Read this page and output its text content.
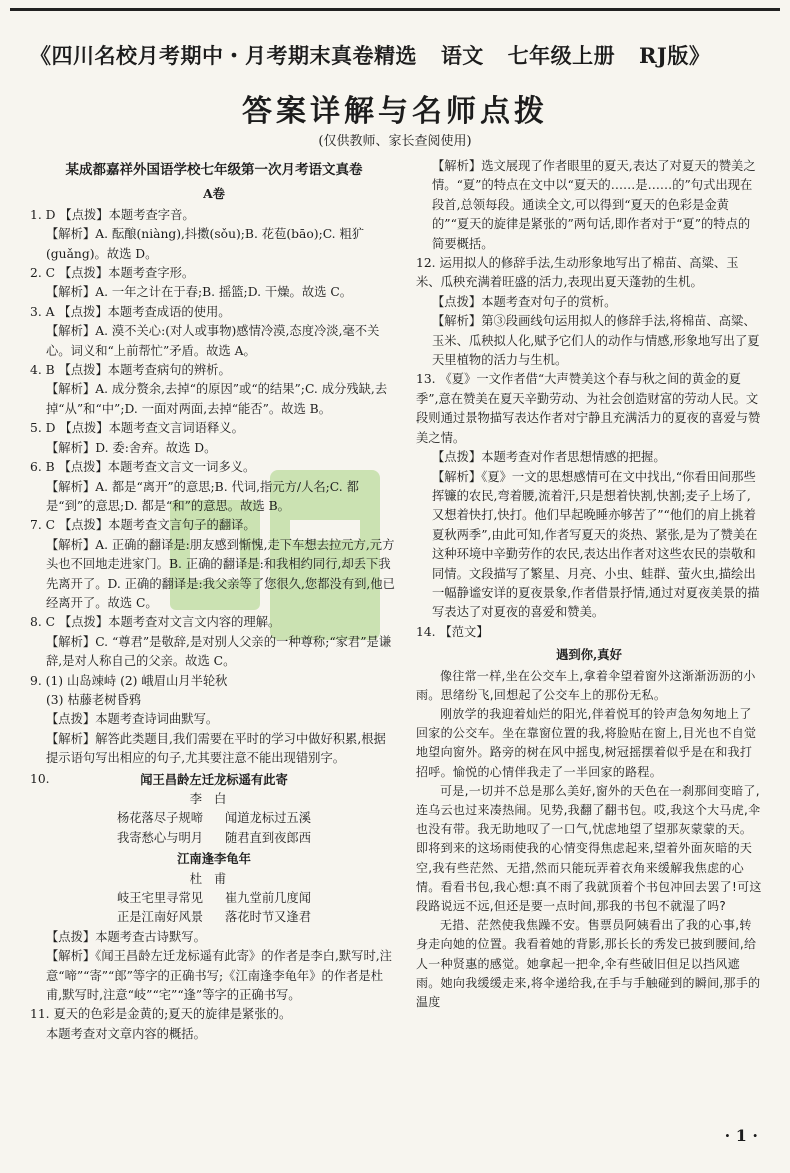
《四川名校月考期中・月考期末真卷精选 语文 七年级上册 RJ版》
答案详解与名师点拨
(仅供教师、家长查阅使用)
某成都嘉祥外国语学校七年级第一次月考语文真卷
A卷
1. D 【点拨】本题考查字音。
【解析】A. 酝酿(niàng),抖擞(sǒu);B. 花苞(bāo);C. 粗犷(guǎng)。故选 D。
2. C 【点拨】本题考查字形。
【解析】A. 一年之计在于春;B. 摇篮;D. 干燥。故选 C。
3. A 【点拨】本题考查成语的使用。
【解析】A. 漠不关心:(对人或事物)感情冷漠,态度冷淡,毫不关心。词义和“上前帮忙”矛盾。故选 A。
4. B 【点拨】本题考查病句的辨析。
【解析】A. 成分赘余,去掉“的原因”或“的结果”;C. 成分残缺,去掉“从”和“中”;D. 一面对两面,去掉“能否”。故选 B。
5. D 【点拨】本题考查文言词语释义。
【解析】D. 委:舍弃。故选 D。
6. B 【点拨】本题考查文言文一词多义。
【解析】A. 都是“离开”的意思;B. 代词,指元方/人名;C. 都是“到”的意思;D. 都是“和”的意思。故选 B。
7. C 【点拨】本题考查文言句子的翻译。
【解析】A. 正确的翻译是:朋友感到惭愧,走下车想去拉元方,元方头也不回地走进家门。B. 正确的翻译是:和我相约同行,却丢下我先离开了。D. 正确的翻译是:我父亲等了您很久,您都没有到,他已经离开了。故选 C。
8. C 【点拨】本题考查对文言文内容的理解。
【解析】C. “尊君”是敬辞,是对别人父亲的一种尊称;“家君”是谦辞,是对人称自己的父亲。故选 C。
9. (1) 山岛竦峙 (2) 峨眉山月半轮秋
(3) 枯藤老树昏鸦
【点拨】本题考查诗词曲默写。
【解析】解答此类题目,我们需要在平时的学习中做好积累,根据提示语句写出相应的句子,尤其要注意不能出现错别字。
10.	闻王昌龄左迁龙标遥有此寄
李白
杨花落尽子规啼 闻道龙标过五溪
我寄愁心与明月 随君直到夜郎西
江南逢李龟年
杜甫
岐王宅里寻常见 崔九堂前几度闻
正是江南好风景 落花时节又逢君
【点拨】本题考查古诗默写。
【解析】《闻王昌龄左迁龙标遥有此寄》的作者是李白,默写时,注意“啼”“寄”“郎”等字的正确书写;《江南逢李龟年》的作者是杜甫,默写时,注意“岐”“宅”“逢”等字的正确书写。
11. 夏天的色彩是金黄的;夏天的旋律是紧张的。
本题考查对文章内容的概括。
【解析】选文展现了作者眼里的夏天,表达了对夏天的赞美之情。“夏”的特点在文中以“夏天的……是……的”句式出现在段首,总领每段。通读全文,可以得到“夏天的色彩是金黄的”“夏天的旋律是紧张的”两句话,即作者对于“夏”的特点的简要概括。
12. 运用拟人的修辞手法,生动形象地写出了棉苗、高粱、玉米、瓜秧充满着旺盛的活力,表现出夏天蓬勃的生机。
【点拨】本题考查对句子的赏析。
【解析】第③段画线句运用拟人的修辞手法,将棉苗、高粱、玉米、瓜秧拟人化,赋予它们人的动作与情感,形象地写出了夏天里植物的活力与生机。
13. 《夏》一文作者借“大声赞美这个春与秋之间的黄金的夏季”,意在赞美在夏天辛勤劳动、为社会创造财富的劳动人民。文段则通过景物描写表达作者对宁静且充满活力的夏夜的喜爱与赞美之情。
【点拨】本题考查对作者思想情感的把握。
【解析】《夏》一文的思想感情可在文中找出,“你看田间那些挥镰的农民,弯着腰,流着汗,只是想着快割,快割;麦子上场了,又想着快打,快打。他们早起晚睡亦够苦了”“他们的肩上挑着夏秋两季”,由此可知,作者写夏天的炎热、紧张,是为了赞美在这种环境中辛勤劳作的农民,表达出作者对这些农民的崇敬和同情。文段描写了繁星、月亮、小虫、蛙群、萤火虫,描绘出一幅静谧安详的夏夜景象,作者借景抒情,通过对夏夜美景的描写表达了对夏夜的喜爱和赞美。
14. 【范文】
遇到你,真好

像往常一样,坐在公交车上,拿着伞望着窗外这渐渐沥沥的小雨。思绪纷飞,回想起了公交车上的那份无私。

刚放学的我迎着灿烂的阳光,伴着悦耳的铃声急匆匆地上了回家的公交车。坐在靠窗位置的我,将脸贴在窗上,目光也不自觉地望向窗外。路旁的树在风中摇曳,树冠摇摆着似乎是在和我打招呼。愉悦的心情伴我走了一半回家的路程。

可是,一切并不总是那么美好,窗外的天色在一刹那间变暗了,连乌云也过来凑热闹。见势,我翻了翻书包。哎,我这个大马虎,伞也没有带。我无助地叹了一口气,忧虑地望了望那灰蒙蒙的天。即将到来的这场雨使我的心情变得焦虑起来,望着外面灰暗的天空,我有些茫然、无措,然而只能玩弄着衣角来缓解我焦虑的心情。看看书包,我心想:真不雨了我就顶着个书包冲回去罢了!可这段路说远不远,但还是要一点时间,那我的书包不就湿了吗?

无措、茫然使我焦躁不安。售票员阿姨看出了我的心事,转身走向她的位置。我看着她的背影,那长长的秀发已披到腰间,给人一种贤惠的感觉。她拿起一把伞,伞有些破旧但足以挡风遮雨。她向我缓缓走来,将伞递给我,在手与手触碰到的瞬间,那手的温度

· 1 ·
